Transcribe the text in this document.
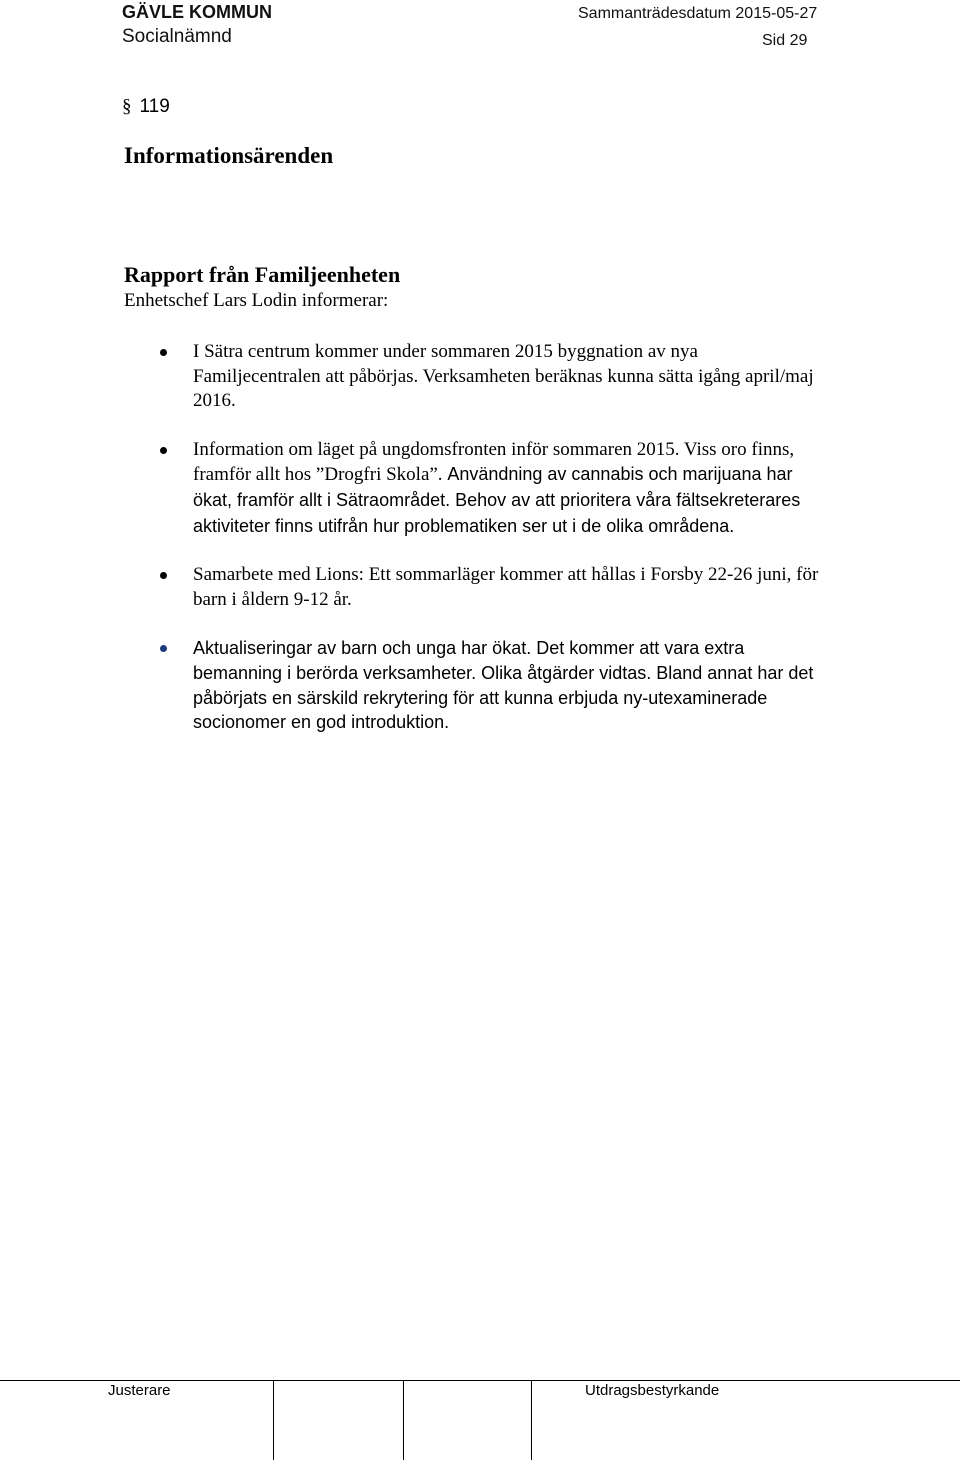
GÄVLE KOMMUN	Sammanträdesdatum 2015-05-27
Socialnämnd	Sid 29
§ 119
Informationsärenden
Rapport från Familjeenheten

Enhetschef Lars Lodin informerar:

I Sätra centrum kommer under sommaren 2015 byggnation av nya Familjecentralen att påbörjas. Verksamheten beräknas kunna sätta igång april/maj 2016.
Information om läget på ungdomsfronten inför sommaren 2015. Viss oro finns, framför allt hos ”Drogfri Skola”. Användning av cannabis och marijuana har ökat, framför allt i Sätraområdet. Behov av att prioritera våra fältsekreterares aktiviteter finns utifrån hur problematiken ser ut i de olika områdena.
Samarbete med Lions: Ett sommarläger kommer att hållas i Forsby 22-26 juni, för barn i åldern 9-12 år.
Aktualiseringar av barn och unga har ökat. Det kommer att vara extra bemanning i berörda verksamheter. Olika åtgärder vidtas. Bland annat har det påbörjats en särskild rekrytering för att kunna erbjuda ny-utexaminerade socionomer en god introduktion.
Justerare	Utdragsbestyrkande
